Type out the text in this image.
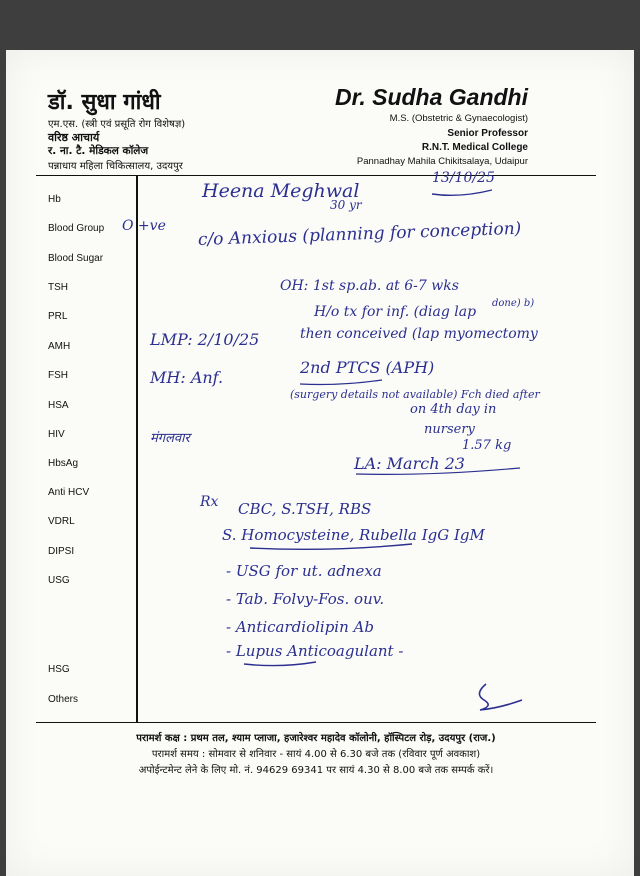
डॉ. सुधा गांधी
एम.एस. (स्त्री एवं प्रसूति रोग विशेषज्ञ)
वरिष्ठ आचार्य
र. ना. टै. मेडिकल कॉलेज
पन्नाधाय महिला चिकित्सालय, उदयपुर
Dr. Sudha Gandhi
M.S. (Obstetric & Gynaecologist)
Senior Professor
R.N.T. Medical College
Pannadhay Mahila Chikitsalaya, Udaipur
Hb
Blood Group
Blood Sugar
TSH
PRL
AMH
FSH
HSA
HIV
HbsAg
Anti HCV
VDRL
DIPSI
USG
HSG
Others
Heena Meghwal
30 yr
13/10/25
O +ve c/o Anxious (planning for conception)
OH: 1st sp.ab. at 6-7 wks
H/o tx for inf. (diag lap
done) b)
then conceived (lap myomectomy
LMP: 2/10/25
MH: Anf.
2nd PTCS (APH)
(surgery details not available) Fch died after
on 4th day in
मंगलवार
nursery
1.57 kg
LA: March 23
Rx CBC, S.TSH, RBS
S. Homocysteine, Rubella IgG IgM
- USG for ut. adnexa
- Tab. Folvy-Fos. ouv.
- Anticardiolipin Ab
- Lupus Anticoagulant -
परामर्श कक्ष : प्रथम तल, श्याम प्लाजा, हजारेश्वर महादेव कॉलोनी, हॉस्पिटल रोड़, उदयपुर (राज.)
परामर्श समय : सोमवार से शनिवार - सायं 4.00 से 6.30 बजे तक (रविवार पूर्ण अवकाश)
अपोईन्टमेन्ट लेने के लिए मो. नं. 94629 69341 पर सायं 4.30 से 8.00 बजे तक सम्पर्क करें।
